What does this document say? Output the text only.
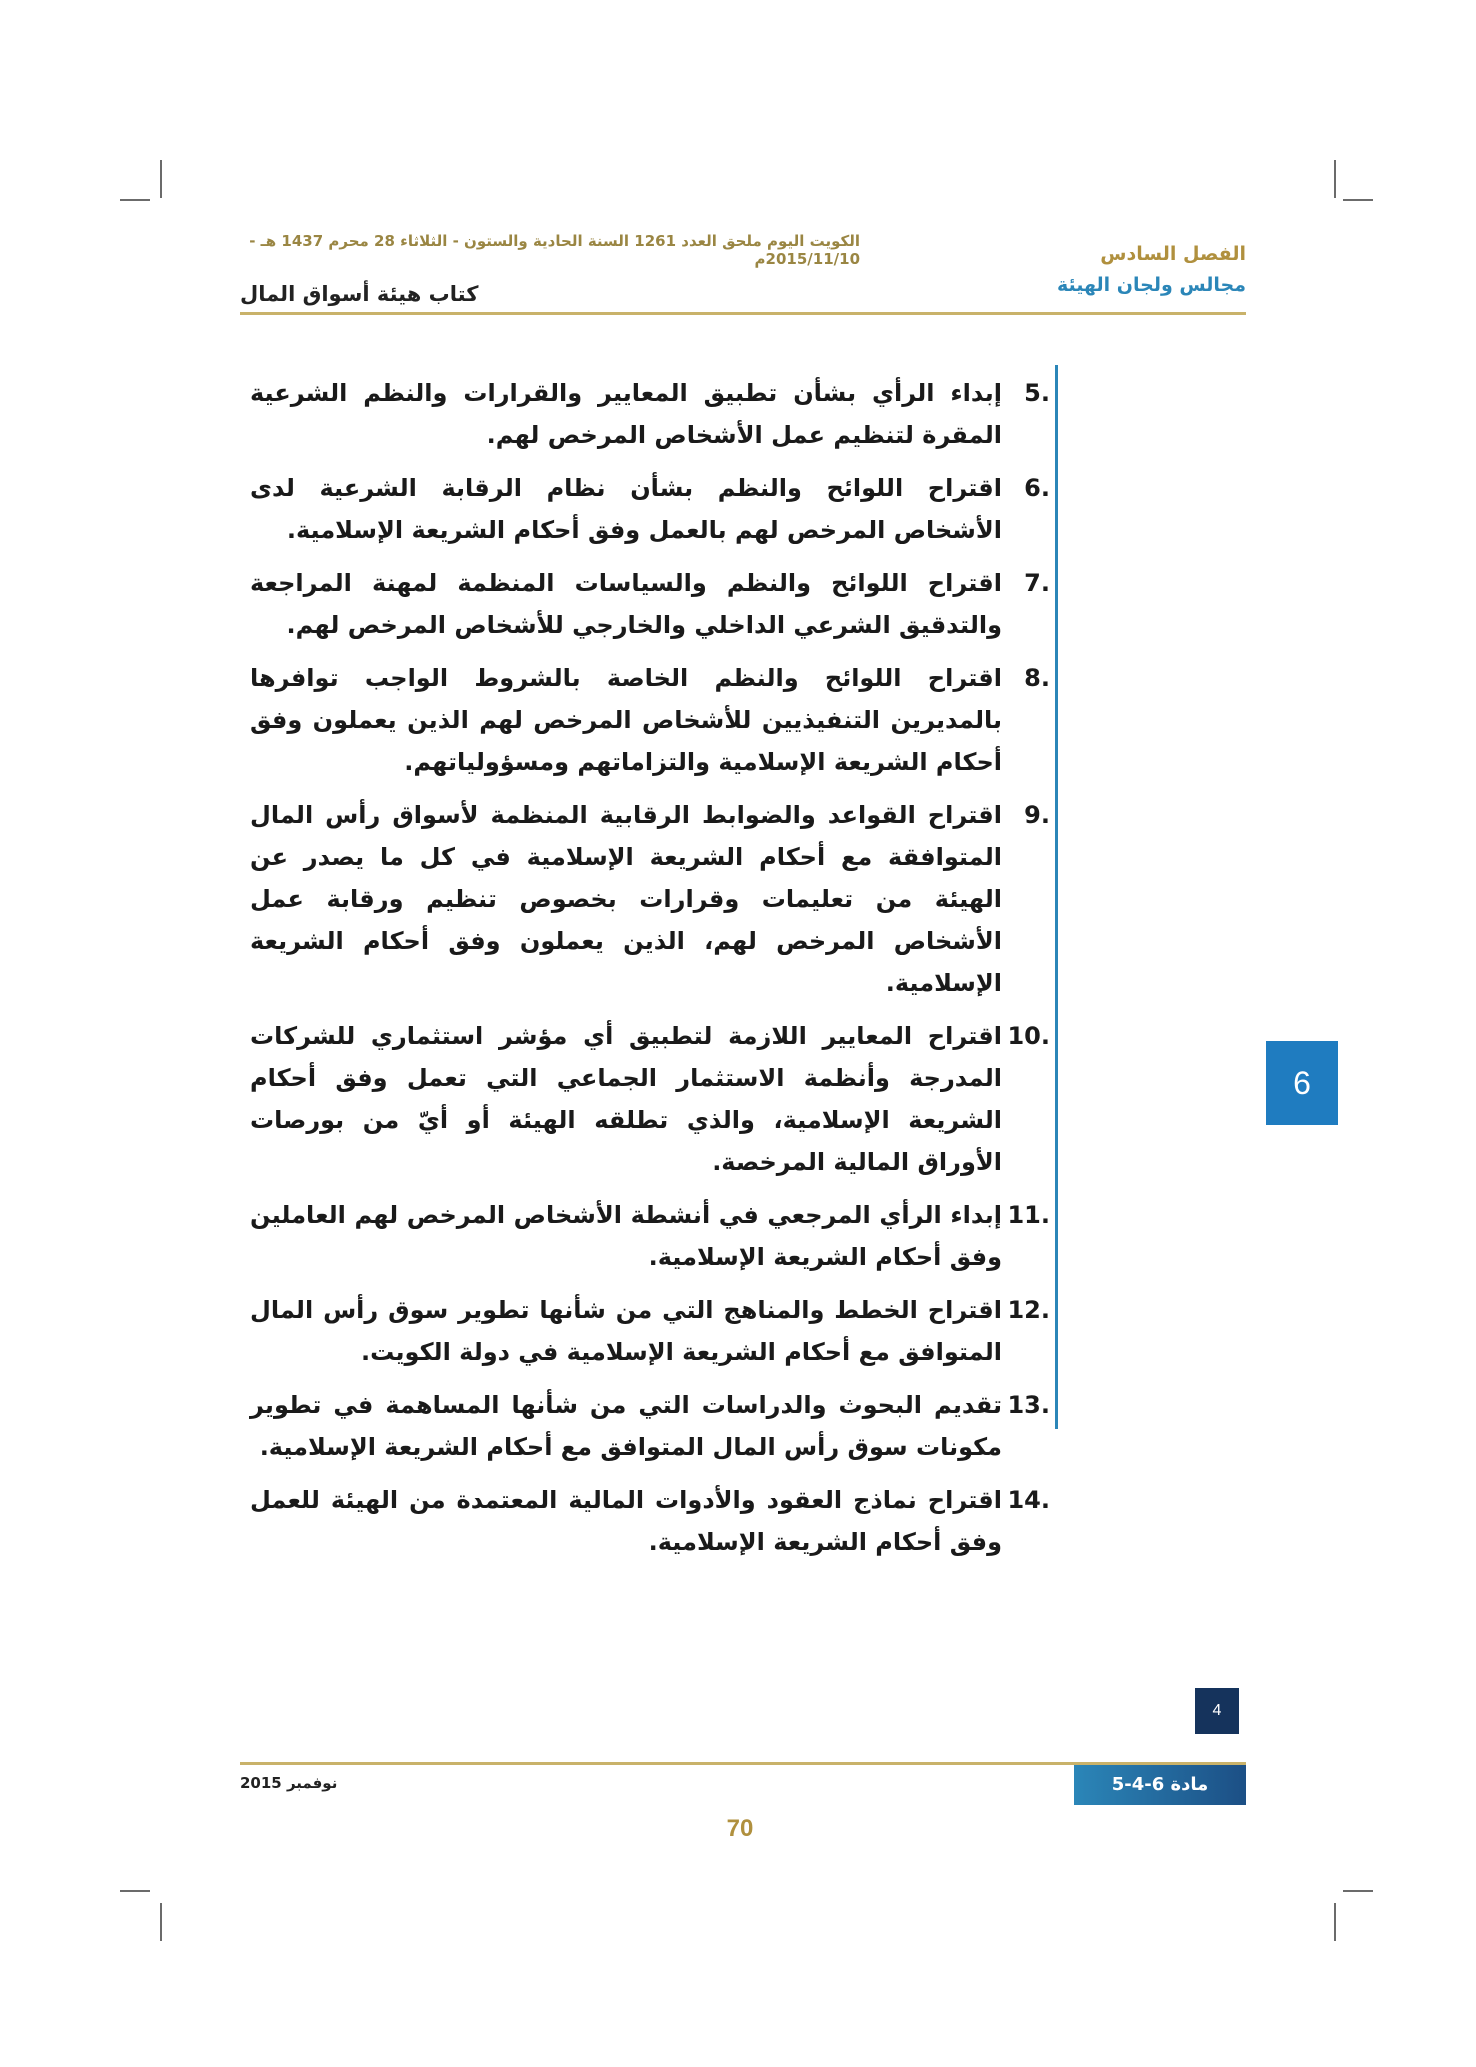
الكويت اليوم ملحق العدد 1261 السنة الحادية والستون - الثلاثاء 28 محرم 1437 هـ - 2015/11/10م
كتاب هيئة أسواق المال
الفصل السادس
مجالس ولجان الهيئة
5.
إبداء الرأي بشأن تطبيق المعايير والقرارات والنظم الشرعية المقرة لتنظيم عمل الأشخاص المرخص لهم.
6.
اقتراح اللوائح والنظم بشأن نظام الرقابة الشرعية لدى الأشخاص المرخص لهم بالعمل وفق أحكام الشريعة الإسلامية.
7.
اقتراح اللوائح والنظم والسياسات المنظمة لمهنة المراجعة والتدقيق الشرعي الداخلي والخارجي للأشخاص المرخص لهم.
8.
اقتراح اللوائح والنظم الخاصة بالشروط الواجب توافرها بالمديرين التنفيذيين للأشخاص المرخص لهم الذين يعملون وفق أحكام الشريعة الإسلامية والتزاماتهم ومسؤولياتهم.
9.
اقتراح القواعد والضوابط الرقابية المنظمة لأسواق رأس المال المتوافقة مع أحكام الشريعة الإسلامية في كل ما يصدر عن الهيئة من تعليمات وقرارات بخصوص تنظيم ورقابة عمل الأشخاص المرخص لهم، الذين يعملون وفق أحكام الشريعة الإسلامية.
10.
اقتراح المعايير اللازمة لتطبيق أي مؤشر استثماري للشركات المدرجة وأنظمة الاستثمار الجماعي التي تعمل وفق أحكام الشريعة الإسلامية، والذي تطلقه الهيئة أو أيّ من بورصات الأوراق المالية المرخصة.
11.
إبداء الرأي المرجعي في أنشطة الأشخاص المرخص لهم العاملين وفق أحكام الشريعة الإسلامية.
12.
اقتراح الخطط والمناهج التي من شأنها تطوير سوق رأس المال المتوافق مع أحكام الشريعة الإسلامية في دولة الكويت.
13.
تقديم البحوث والدراسات التي من شأنها المساهمة في تطوير مكونات سوق رأس المال المتوافق مع أحكام الشريعة الإسلامية.
14.
اقتراح نماذج العقود والأدوات المالية المعتمدة من الهيئة للعمل وفق أحكام الشريعة الإسلامية.
6
4
نوفمبر 2015	مادة 6-4-5
70
